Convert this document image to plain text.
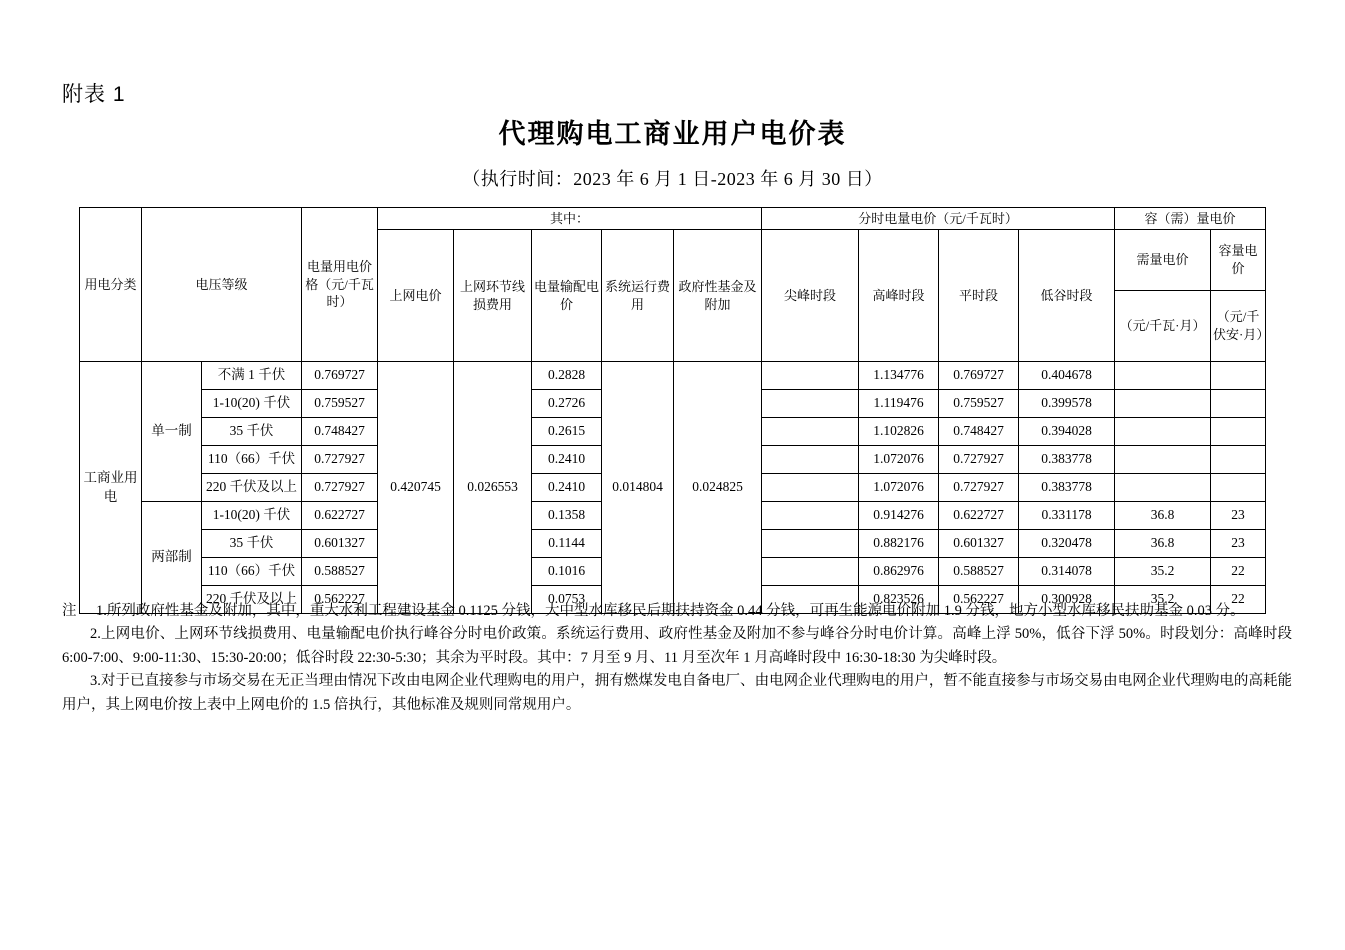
附表 1
代理购电工商业用户电价表
（执行时间：2023 年 6 月 1 日-2023 年 6 月 30 日）
用电分类	电压等级		电量用电价格（元/千瓦时）	其中：					分时电量电价（元/千瓦时）				容（需）量电价	
				上网电价	上网环节线损费用	电量输配电价	系统运行费用	政府性基金及附加	尖峰时段	高峰时段	平时段	低谷时段	需量电价	容量电价
													（元/千瓦·月）	（元/千伏安·月）
工商业用电	单一制	不满 1 千伏	0.769727	0.420745	0.026553	0.2828	0.014804	0.024825		1.134776	0.769727	0.404678		
		1-10(20) 千伏	0.759527			0.2726				1.119476	0.759527	0.399578		
		35 千伏	0.748427			0.2615				1.102826	0.748427	0.394028		
		110（66）千伏	0.727927			0.2410				1.072076	0.727927	0.383778		
		220 千伏及以上	0.727927			0.2410				1.072076	0.727927	0.383778		
	两部制	1-10(20) 千伏	0.622727			0.1358				0.914276	0.622727	0.331178	36.8	23
		35 千伏	0.601327			0.1144				0.882176	0.601327	0.320478	36.8	23
		110（66）千伏	0.588527			0.1016				0.862976	0.588527	0.314078	35.2	22
		220 千伏及以上	0.562227			0.0753				0.823526	0.562227	0.300928	35.2	22

注 1.所列政府性基金及附加，其中，重大水利工程建设基金 0.1125 分钱，大中型水库移民后期扶持资金 0.44 分钱，可再生能源电价附加 1.9 分钱，地方小型水库移民扶助基金 0.03 分。

2.上网电价、上网环节线损费用、电量输配电价执行峰谷分时电价政策。系统运行费用、政府性基金及附加不参与峰谷分时电价计算。高峰上浮 50%，低谷下浮 50%。时段划分：高峰时段 6:00-7:00、9:00-11:30、15:30-20:00；低谷时段 22:30-5:30；其余为平时段。其中：7 月至 9 月、11 月至次年 1 月高峰时段中 16:30-18:30 为尖峰时段。

3.对于已直接参与市场交易在无正当理由情况下改由电网企业代理购电的用户，拥有燃煤发电自备电厂、由电网企业代理购电的用户，暂不能直接参与市场交易由电网企业代理购电的高耗能用户，其上网电价按上表中上网电价的 1.5 倍执行，其他标准及规则同常规用户。
